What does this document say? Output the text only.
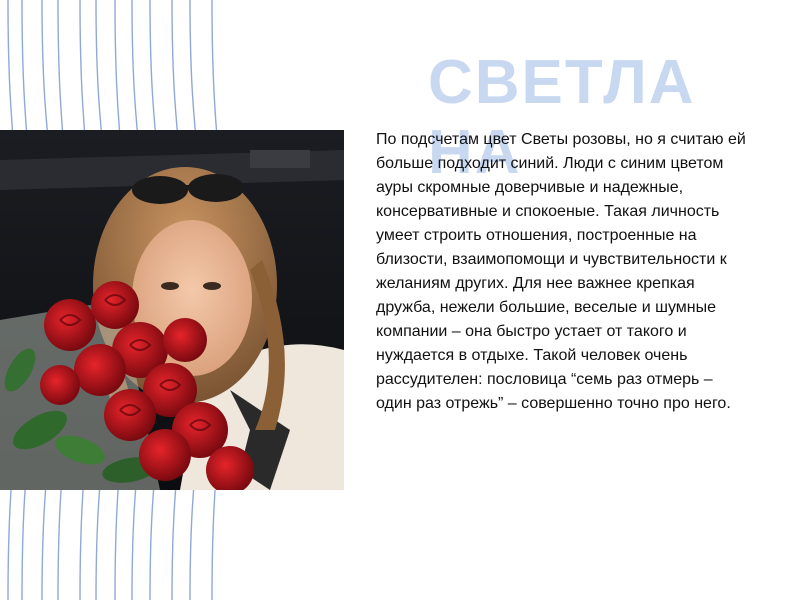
СВЕТЛАНА
По подсчетам цвет Светы розовы, но я считаю ей больше подходит синий. Люди с синим цветом ауры скромные доверчивые и надежные, консервативные и спокоеные. Такая личность умеет строить отношения, построенные на близости, взаимопомощи и чувствительности к желаниям других. Для нее важнее крепкая дружба, нежели большие, веселые и шумные компании – она быстро устает от такого и нуждается в отдыхе. Такой человек очень рассудителен: пословица “семь раз отмерь – один раз отрежь” – совершенно точно про него.
